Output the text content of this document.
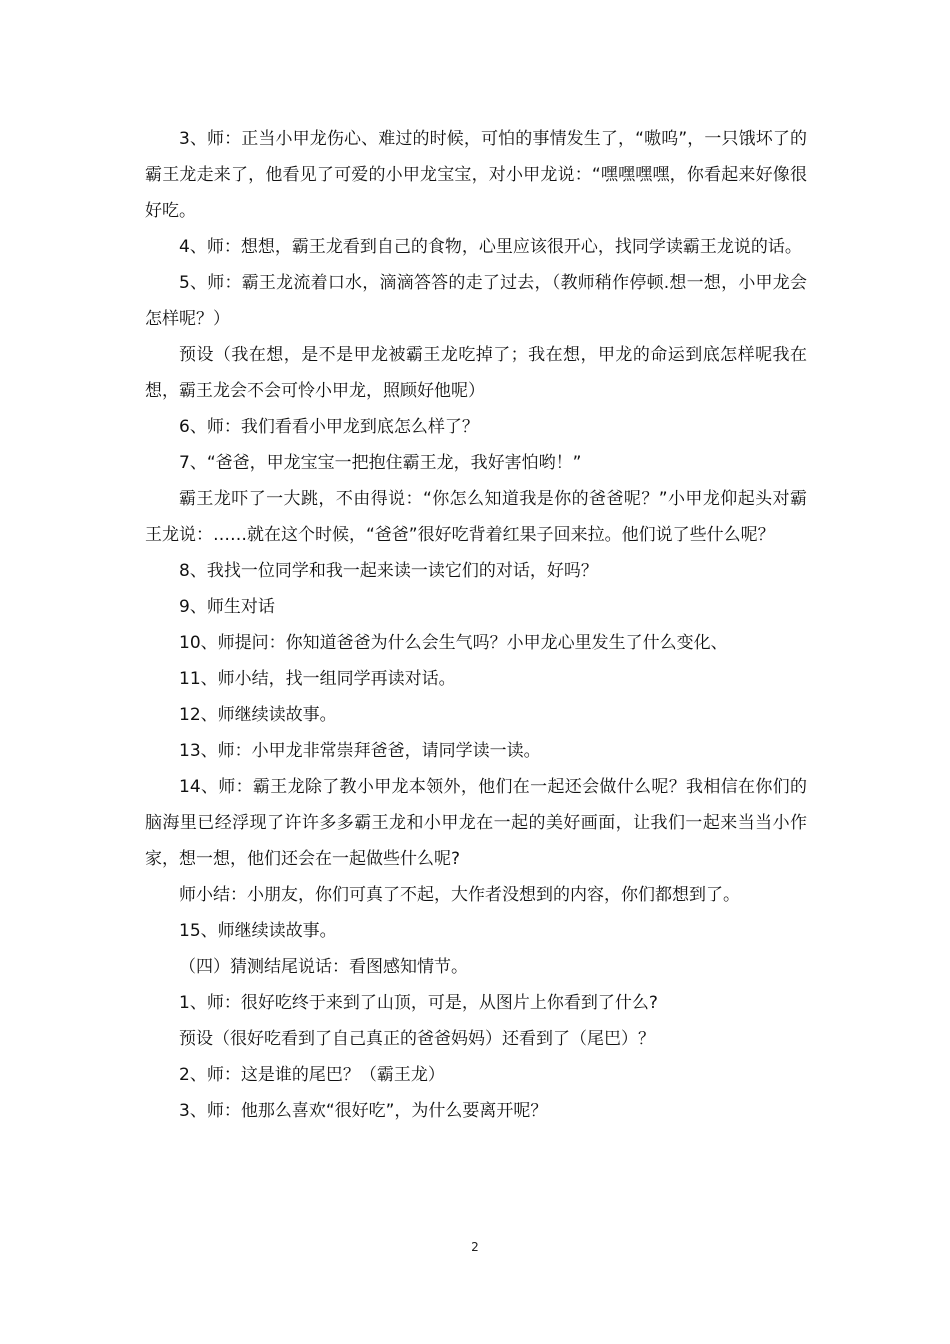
3、师：正当小甲龙伤心、难过的时候，可怕的事情发生了，“嗷呜”，一只饿坏了的霸王龙走来了，他看见了可爱的小甲龙宝宝，对小甲龙说：“嘿嘿嘿嘿，你看起来好像很好吃。

4、师：想想，霸王龙看到自己的食物，心里应该很开心，找同学读霸王龙说的话。

5、师：霸王龙流着口水，滴滴答答的走了过去，（教师稍作停顿.想一想，小甲龙会怎样呢？）

预设（我在想，是不是甲龙被霸王龙吃掉了；我在想，甲龙的命运到底怎样呢我在想，霸王龙会不会可怜小甲龙，照顾好他呢）

6、师：我们看看小甲龙到底怎么样了？

7、“爸爸，甲龙宝宝一把抱住霸王龙，我好害怕哟！”

霸王龙吓了一大跳，不由得说：“你怎么知道我是你的爸爸呢？”小甲龙仰起头对霸王龙说：……就在这个时候，“爸爸”很好吃背着红果子回来拉。他们说了些什么呢？

8、我找一位同学和我一起来读一读它们的对话，好吗？

9、师生对话

10、师提问：你知道爸爸为什么会生气吗？小甲龙心里发生了什么变化、

11、师小结，找一组同学再读对话。

12、师继续读故事。

13、师：小甲龙非常崇拜爸爸，请同学读一读。

14、师：霸王龙除了教小甲龙本领外，他们在一起还会做什么呢？我相信在你们的脑海里已经浮现了许许多多霸王龙和小甲龙在一起的美好画面，让我们一起来当当小作家，想一想，他们还会在一起做些什么呢?

师小结：小朋友，你们可真了不起，大作者没想到的内容，你们都想到了。

15、师继续读故事。

（四）猜测结尾说话：看图感知情节。

1、师：很好吃终于来到了山顶，可是，从图片上你看到了什么?

预设（很好吃看到了自己真正的爸爸妈妈）还看到了（尾巴）？

2、师：这是谁的尾巴？（霸王龙）

3、师：他那么喜欢“很好吃”，为什么要离开呢？

2
